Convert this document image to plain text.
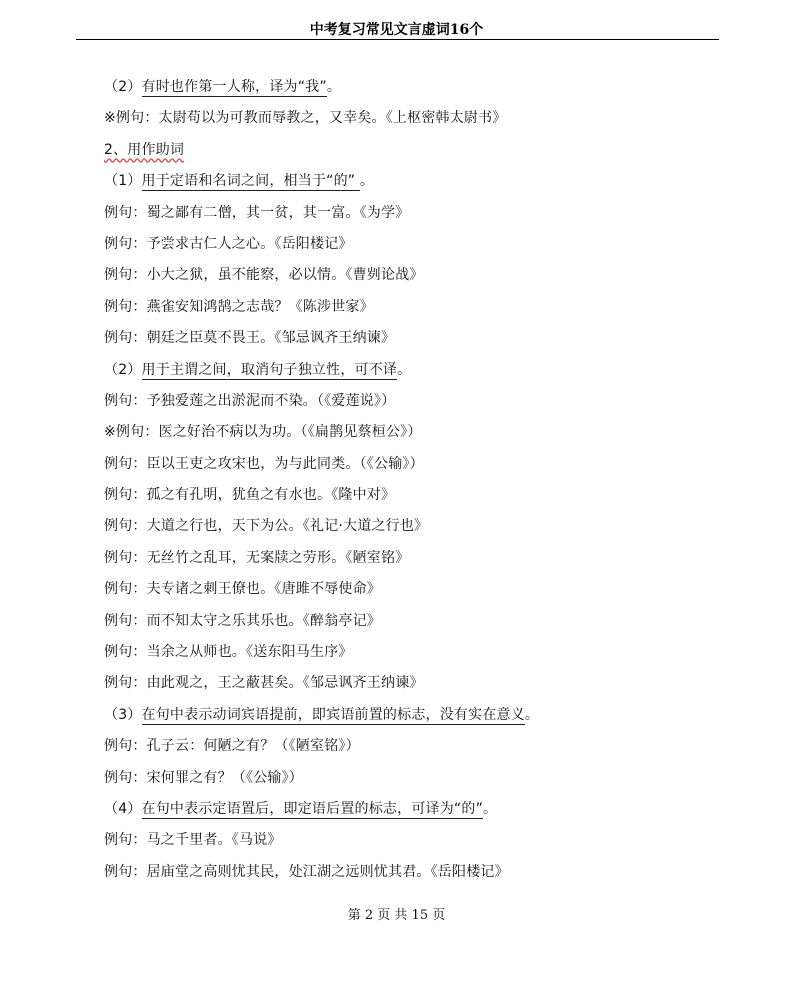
中考复习常见文言虚词16个
（2）有时也作第一人称，译为“我”。
※例句：太尉苟以为可教而辱教之，又幸矣。《上枢密韩太尉书》
2、用作助词
（1）用于定语和名词之间，相当于“的” 。
例句：蜀之鄙有二僧，其一贫，其一富。《为学》
例句：予尝求古仁人之心。《岳阳楼记》
例句：小大之狱，虽不能察，必以情。《曹刿论战》
例句：燕雀安知鸿鹄之志哉？《陈涉世家》
例句：朝廷之臣莫不畏王。《邹忌讽齐王纳谏》
（2）用于主谓之间，取消句子独立性，可不译。
例句：予独爱莲之出淤泥而不染。（《爱莲说》）
※例句：医之好治不病以为功。（《扁鹊见蔡桓公》）
例句：臣以王吏之攻宋也，为与此同类。（《公输》）
例句：孤之有孔明，犹鱼之有水也。《隆中对》
例句：大道之行也，天下为公。《礼记·大道之行也》
例句：无丝竹之乱耳，无案牍之劳形。《陋室铭》
例句：夫专诸之刺王僚也。《唐雎不辱使命》
例句：而不知太守之乐其乐也。《醉翁亭记》
例句：当余之从师也。《送东阳马生序》
例句：由此观之，王之蔽甚矣。《邹忌讽齐王纳谏》
（3）在句中表示动词宾语提前，即宾语前置的标志，没有实在意义。
例句：孔子云：何陋之有？（《陋室铭》）
例句：宋何罪之有？（《公输》）
（4）在句中表示定语置后，即定语后置的标志，可译为“的”。
例句：马之千里者。《马说》
例句：居庙堂之高则忧其民，处江湖之远则忧其君。《岳阳楼记》
第 2 页 共 15 页
